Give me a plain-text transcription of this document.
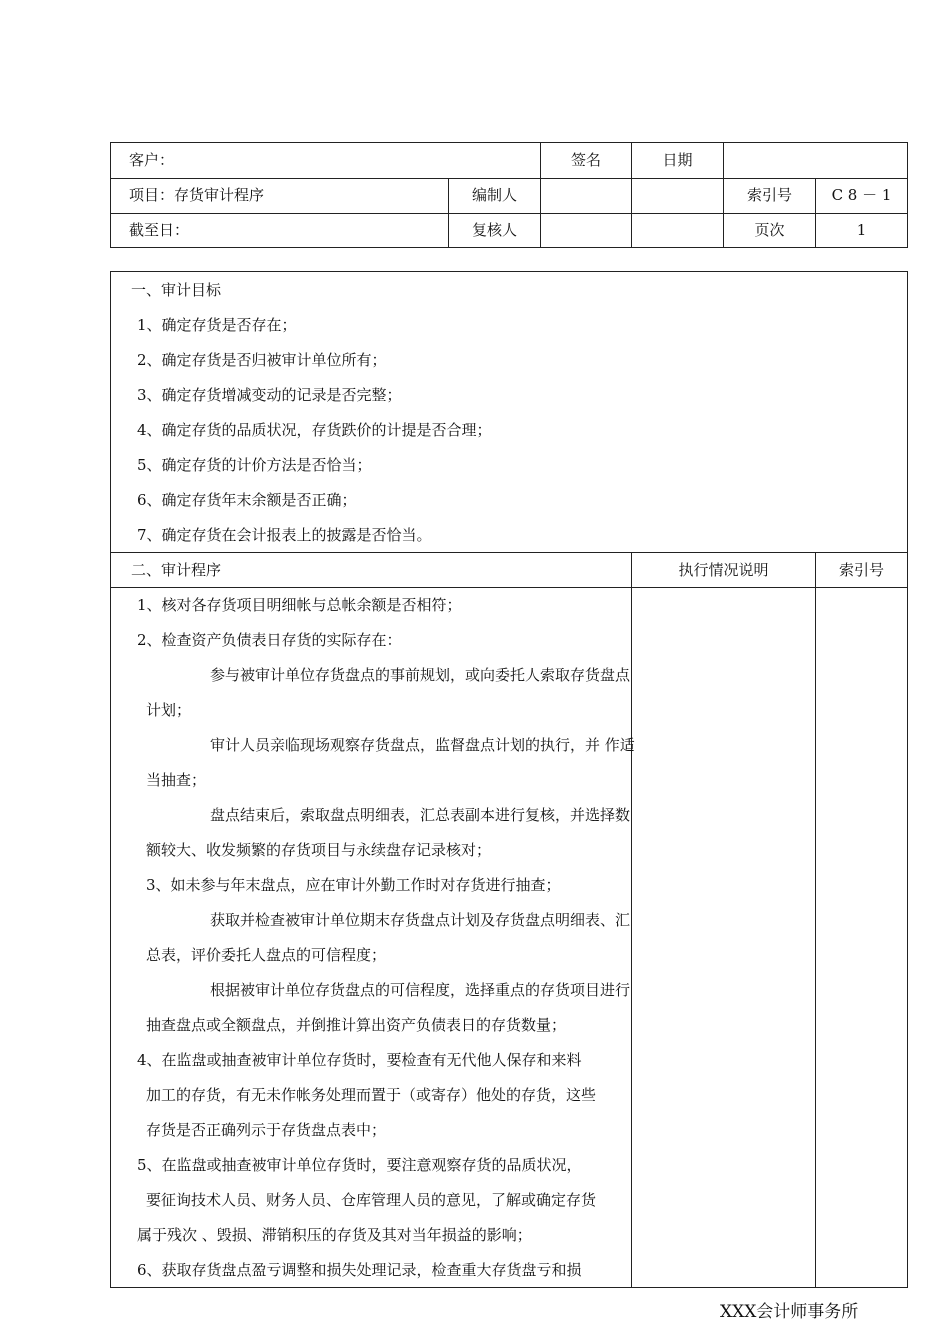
客户：	签名	日期
项目：存货审计程序	编制人	索引号	C 8 － 1
截至日：	复核人	页次	1
一、审计目标
1、确定存货是否存在；
2、确定存货是否归被审计单位所有；
3、确定存货增减变动的记录是否完整；
4、确定存货的品质状况，存货跌价的计提是否合理；
5、确定存货的计价方法是否恰当；
6、确定存货年末余额是否正确；
7、确定存货在会计报表上的披露是否恰当。
二、审计程序	执行情况说明	索引号
1、核对各存货项目明细帐与总帐余额是否相符；
2、检查资产负债表日存货的实际存在：
参与被审计单位存货盘点的事前规划，或向委托人索取存货盘点
计划；
审计人员亲临现场观察存货盘点，监督盘点计划的执行，并 作适
当抽查；
盘点结束后，索取盘点明细表，汇总表副本进行复核，并选择数
额较大、收发频繁的存货项目与永续盘存记录核对；
3、如未参与年末盘点，应在审计外勤工作时对存货进行抽查；
获取并检查被审计单位期末存货盘点计划及存货盘点明细表、汇
总表，评价委托人盘点的可信程度；
根据被审计单位存货盘点的可信程度，选择重点的存货项目进行
抽查盘点或全额盘点，并倒推计算出资产负债表日的存货数量；
4、在监盘或抽查被审计单位存货时，要检查有无代他人保存和来料
加工的存货，有无未作帐务处理而置于（或寄存）他处的存货，这些
存货是否正确列示于存货盘点表中；
5、在监盘或抽查被审计单位存货时，要注意观察存货的品质状况，
要征询技术人员、财务人员、仓库管理人员的意见，了解或确定存货
属于残次 、毁损、滞销积压的存货及其对当年损益的影响；
6、获取存货盘点盈亏调整和损失处理记录，检查重大存货盘亏和损
XXX会计师事务所
